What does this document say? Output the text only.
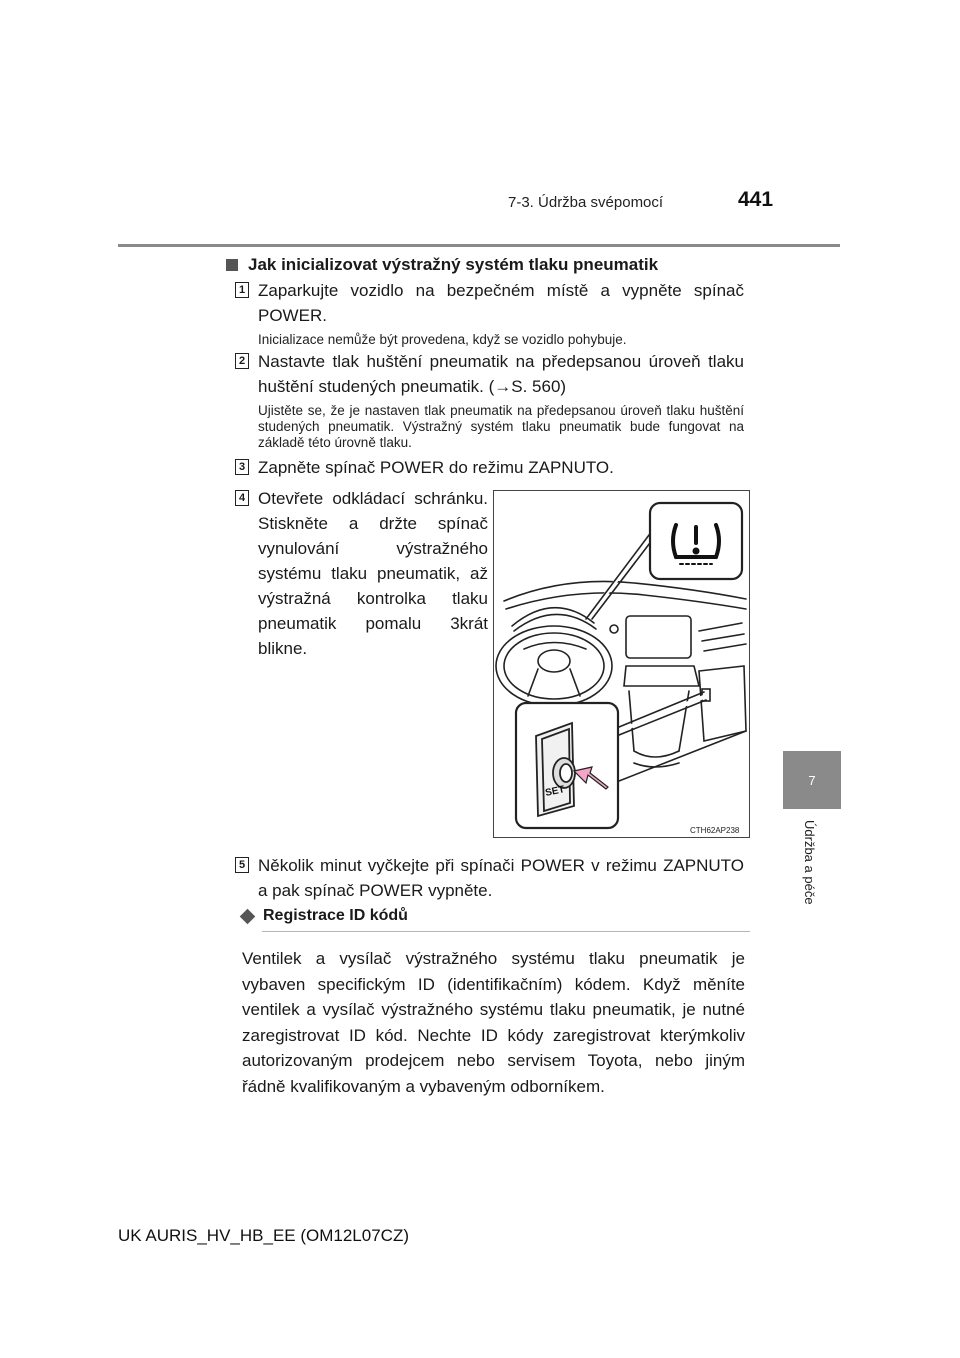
7-3. Údržba svépomocí	441
7
Údržba a péče
Jak inicializovat výstražný systém tlaku pneumatik
1 Zaparkujte vozidlo na bezpečném místě a vypněte spínač POWER.
Inicializace nemůže být provedena, když se vozidlo pohybuje.
2 Nastavte tlak huštění pneumatik na předepsanou úroveň tlaku huštění studených pneumatik. (→S. 560)
Ujistěte se, že je nastaven tlak pneumatik na předepsanou úroveň tlaku huštění studených pneumatik. Výstražný systém tlaku pneumatik bude fungovat na základě této úrovně tlaku.
3 Zapněte spínač POWER do režimu ZAPNUTO.
4 Otevřete odkládací schránku. Stiskněte a držte spínač vynulování výstražného systému tlaku pneumatik, až výstražná kontrolka tlaku pneumatik pomalu 3krát blikne.
SET
CTH62AP238
5 Několik minut vyčkejte při spínači POWER v režimu ZAPNUTO a pak spínač POWER vypněte.
Registrace ID kódů
Ventilek a vysílač výstražného systému tlaku pneumatik je vybaven specifickým ID (identifikačním) kódem. Když měníte ventilek a vysílač výstražného systému tlaku pneumatik, je nutné zaregistrovat ID kód. Nechte ID kódy zaregistrovat kterýmkoliv autorizovaným prodejcem nebo servisem Toyota, nebo jiným řádně kvalifikovaným a vybaveným odborníkem.
UK AURIS_HV_HB_EE (OM12L07CZ)
